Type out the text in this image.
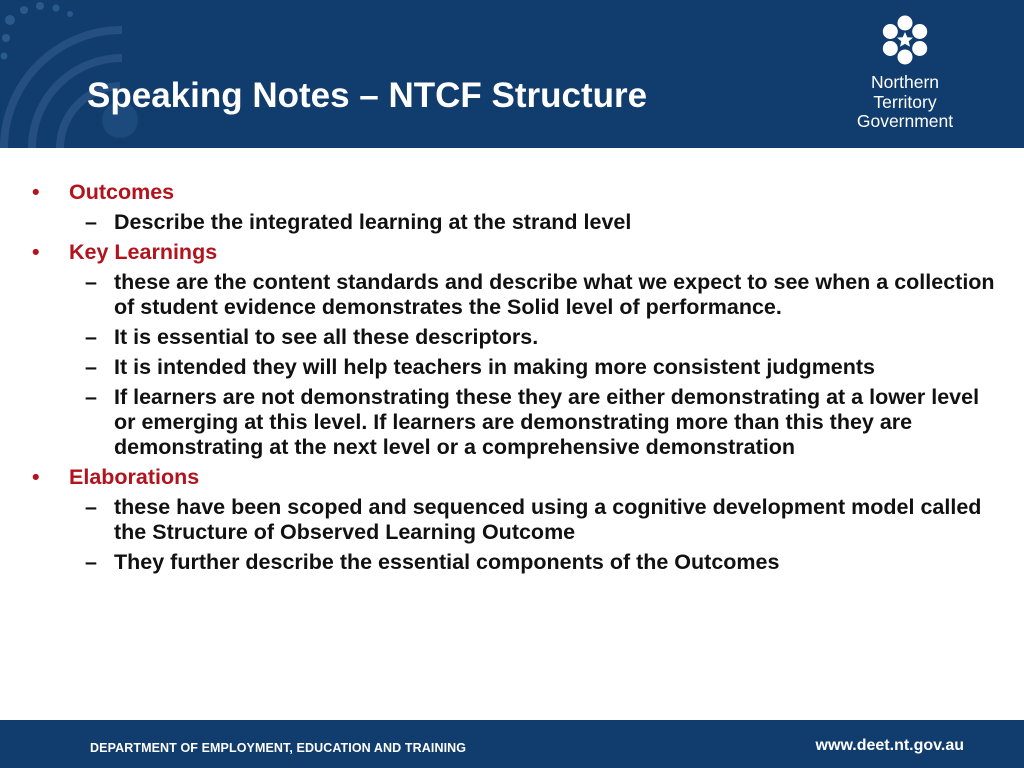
Speaking Notes – NTCF Structure	Northern
Territory
Government
• Outcomes
– Describe the integrated learning at the strand level
• Key Learnings
– these are the content standards and describe what we expect to see when a collection of student evidence demonstrates the Solid level of performance.
– It is essential to see all these descriptors.
– It is intended they will help teachers in making more consistent judgments
– If learners are not demonstrating these they are either demonstrating at a lower level or emerging at this level. If learners are demonstrating more than this they are demonstrating at the next level or a comprehensive demonstration
• Elaborations
– these have been scoped and sequenced using a cognitive development model called the Structure of Observed Learning Outcome
– They further describe the essential components of the Outcomes
DEPARTMENT OF EMPLOYMENT, EDUCATION AND TRAINING	www.deet.nt.gov.au
